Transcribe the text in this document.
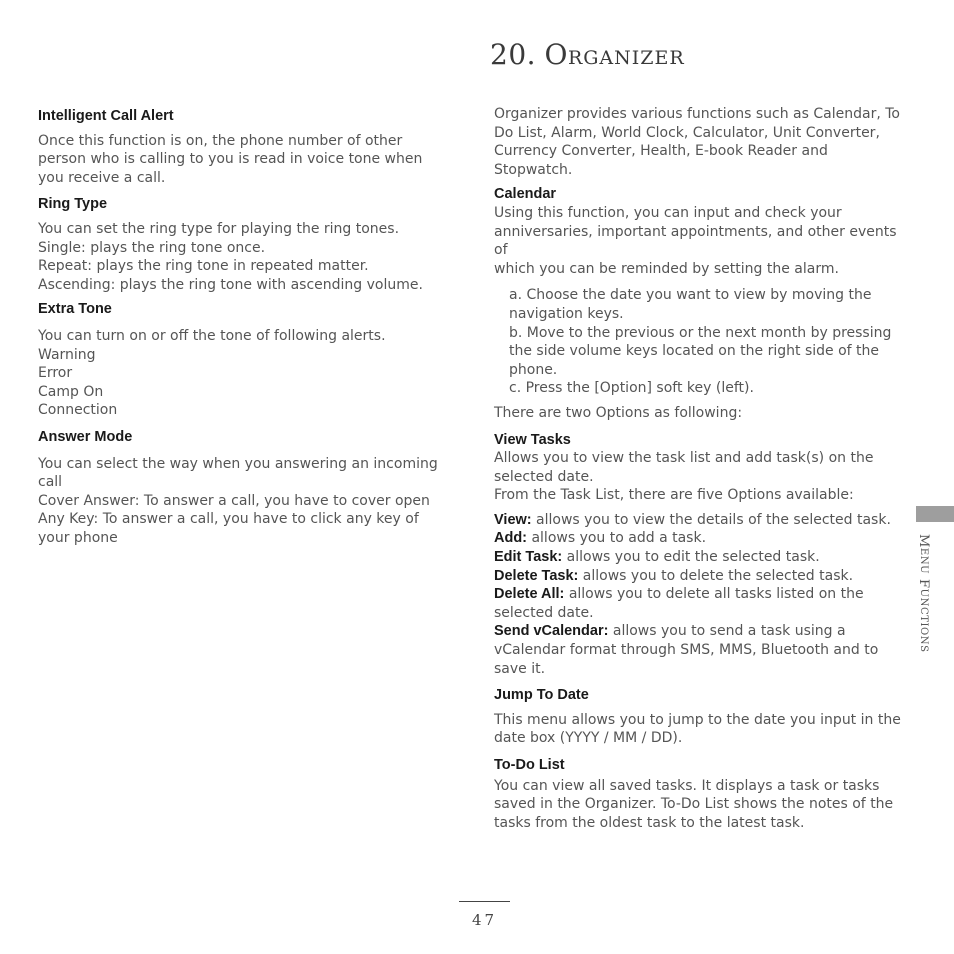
20. ORGANIZER

Intelligent Call Alert

Once this function is on, the phone number of other

person who is calling to you is read in voice tone when

you receive a call.

Ring Type

You can set the ring type for playing the ring tones.

Single: plays the ring tone once.

Repeat: plays the ring tone in repeated matter.

Ascending: plays the ring tone with ascending volume.

Extra Tone

You can turn on or off the tone of following alerts.

Warning

Error

Camp On

Connection

Answer Mode

You can select the way when you answering an incoming

call

Cover Answer: To answer a call, you have to cover open

Any Key: To answer a call, you have to click any key of

your phone

Organizer provides various functions such as Calendar, To

Do List, Alarm, World Clock, Calculator, Unit Converter,

Currency Converter, Health, E-book Reader and

Stopwatch.

Calendar

Using this function, you can input and check your

anniversaries, important appointments, and other events of

which you can be reminded by setting the alarm.

a. Choose the date you want to view by moving the

navigation keys.

b. Move to the previous or the next month by pressing

the side volume keys located on the right side of the

phone.

c. Press the [Option] soft key (left).

There are two Options as following:

View Tasks

Allows you to view the task list and add task(s) on the

selected date.

From the Task List, there are five Options available:

View: allows you to view the details of the selected task.

Add: allows you to add a task.

Edit Task: allows you to edit the selected task.

Delete Task: allows you to delete the selected task.

Delete All: allows you to delete all tasks listed on the

selected date.

Send vCalendar: allows you to send a task using a

vCalendar format through SMS, MMS, Bluetooth and to

save it.

Jump To Date

This menu allows you to jump to the date you input in the

date box (YYYY / MM / DD).

To-Do List

You can view all saved tasks. It displays a task or tasks

saved in the Organizer. To-Do List shows the notes of the

tasks from the oldest task to the latest task.

MENU FUNCTIONS
47
